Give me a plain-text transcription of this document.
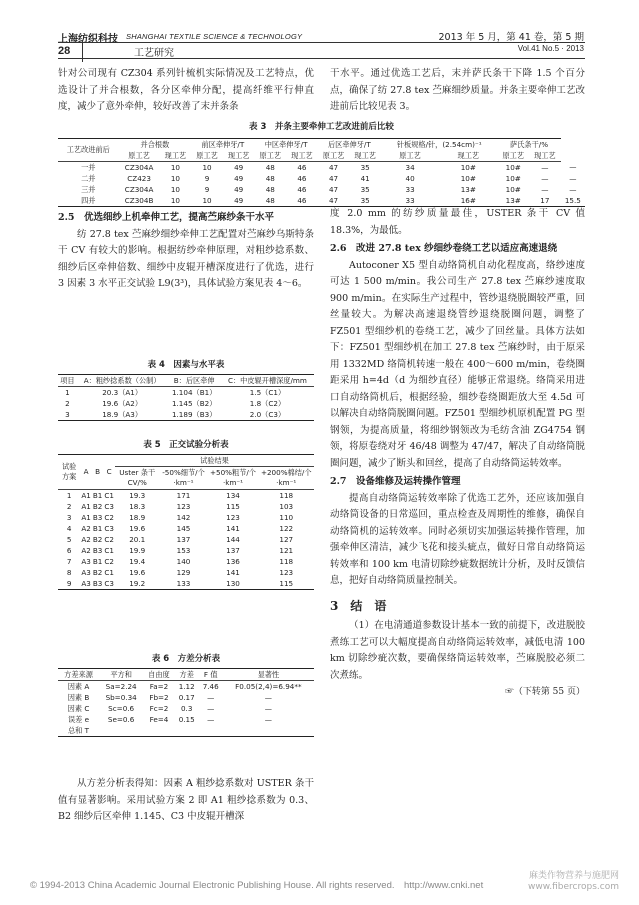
上海纺织科技 SHANGHAI TEXTILE SCIENCE & TECHNOLOGY	2013 年 5 月，第 41 卷，第 5 期
28	工艺研究	Vol.41 No.5 · 2013

针对公司现有 CZ304 系列针梳机实际情况及工艺特点，优选设计了并合根数，各分区牵伸分配，提高纤维平行伸直度，减少了意外牵伸，较好改善了末并条条

干水平。通过优选工艺后，末并萨氏条干下降 1.5 个百分点，确保了纺 27.8 tex 苎麻细纱质量。并条主要牵伸工艺改进前后比较见表 3。

表 3　并条主要牵伸工艺改进前后比较
工艺改进前后	并合根数		前区牵伸牙/T		中区牵伸牙/T		后区牵伸牙/T		针板规格/针，(2.54cm)⁻¹		萨氏条干/%		
	原工艺	现工艺	原工艺	现工艺	原工艺	现工艺	原工艺	现工艺	原工艺	现工艺	原工艺	现工艺	
一并	CZ304A	10	10	49	48	46	47	35	34	10#	10#	—	—
二并	CZ423	10	9	49	48	46	47	41	40	10#	10#	—	—
三并	CZ304A	10	9	49	48	46	47	35	33	13#	10#	—	—
四并	CZ304B	10	10	49	48	46	47	35	33	16#	13#	17	15.5
2.5　优选细纱上机牵伸工艺，提高苎麻纱条干水平

纺 27.8 tex 苎麻纱细纱牵伸工艺配置对苎麻纱乌斯特条干 CV 有较大的影响。根据纺纱牵伸原理，对粗纱捻系数、细纱后区牵伸倍数、细纱中皮辊开槽深度进行了优选，进行 3 因素 3 水平正交试验 L9(3³)，具体试验方案见表 4～6。

表 4　因素与水平表
项目	A：粗纱捻系数（公制）	B：后区牵伸	C：中皮辊开槽深度/mm
1	20.3（A1）	1.104（B1）	1.5（C1）
2	19.6（A2）	1.145（B2）	1.8（C2）
3	18.9（A3）	1.189（B3）	2.0（C3）
表 5　正交试验分析表
试验方案	A	B	C	试验结果			
				Uster 条干 CV/%	-50%细节/个·km⁻¹	+50%粗节/个·km⁻¹	+200%棉结/个·km⁻¹
1	A1	B1	C1	19.3	171	134	118
2	A1	B2	C3	18.3	123	115	103
3	A1	B3	C2	18.9	142	123	110
4	A2	B1	C3	19.6	145	141	122
5	A2	B2	C2	20.1	137	144	127
6	A2	B3	C1	19.9	153	137	121
7	A3	B1	C2	19.4	140	136	118
8	A3	B2	C1	19.6	129	141	123
9	A3	B3	C3	19.2	133	130	115
表 6　方差分析表
方差来源	平方和	自由度	方差	F 值	显著性
因素 A	Sa=2.24	Fa=2	1.12	7.46	F0.05(2,4)=6.94**
因素 B	Sb=0.34	Fb=2	0.17	—	—
因素 C	Sc=0.6	Fc=2	0.3	—	—
误差 e	Se=0.6	Fe=4	0.15	—	—
总和 T					

从方差分析表得知：因素 A 粗纱捻系数对 USTER 条干值有显著影响。采用试验方案 2 即 A1 粗纱捻系数为 0.3、B2 细纱后区牵伸 1.145、C3 中皮辊开槽深

度 2.0 mm 的纺纱质量最佳，USTER 条干 CV 值 18.3%，为最低。

2.6　改进 27.8 tex 纱细纱卷绕工艺以适应高速退绕

Autoconer X5 型自动络筒机自动化程度高，络纱速度可达 1 500 m/min。我公司生产 27.8 tex 苎麻纱速度取 900 m/min。在实际生产过程中，管纱退绕脱圈较严重，回丝量较大。为解决高速退绕管纱退绕脱圈问题，调整了 FZ501 型细纱机的卷绕工艺，减少了回丝量。具体方法如下：FZ501 型细纱机在加工 27.8 tex 苎麻纱时，由于原采用 1332MD 络筒机转速一般在 400～600 m/min，卷绕圈距采用 h=4d（d 为细纱直径）能够正常退绕。络筒采用进口自动络筒机后，根据经验，细纱卷绕圈距放大至 4.5d 可以解决自动络筒脱圈问题。FZ501 型细纱机原机配置 PG 型钢领，为提高质量，将细纱钢领改为毛纺含油 ZG4754 钢领，将原卷绕对牙 46/48 调整为 47/47，解决了自动络筒脱圈问题，减少了断头和回丝，提高了自动络筒运转效率。

2.7　设备维修及运转操作管理

提高自动络筒运转效率除了优选工艺外，还应该加强自动络筒设备的日常巡回，重点检查及周期性的维修，确保自动络筒机的运转效率。同时必须切实加强运转操作管理，加强牵伸区清洁，减少飞花和接头疵点，做好日常自动络筒运转效率和 100 km 电清切除纱疵数据统计分析，及时反馈信息，把好自动络筒质量控制关。

3　结　语

（1）在电清通道参数设计基本一致的前提下，改进脱胶煮练工艺可以大幅度提高自动络筒运转效率，减低电清 100 km 切除纱疵次数，要确保络筒运转效率，苎麻脱胶必须二次煮练。

☞（下转第 55 页）
© 1994-2013 China Academic Journal Electronic Publishing House. All rights reserved.　http://www.cnki.net
麻类作物营养与施肥网
www.fibercrops.com
